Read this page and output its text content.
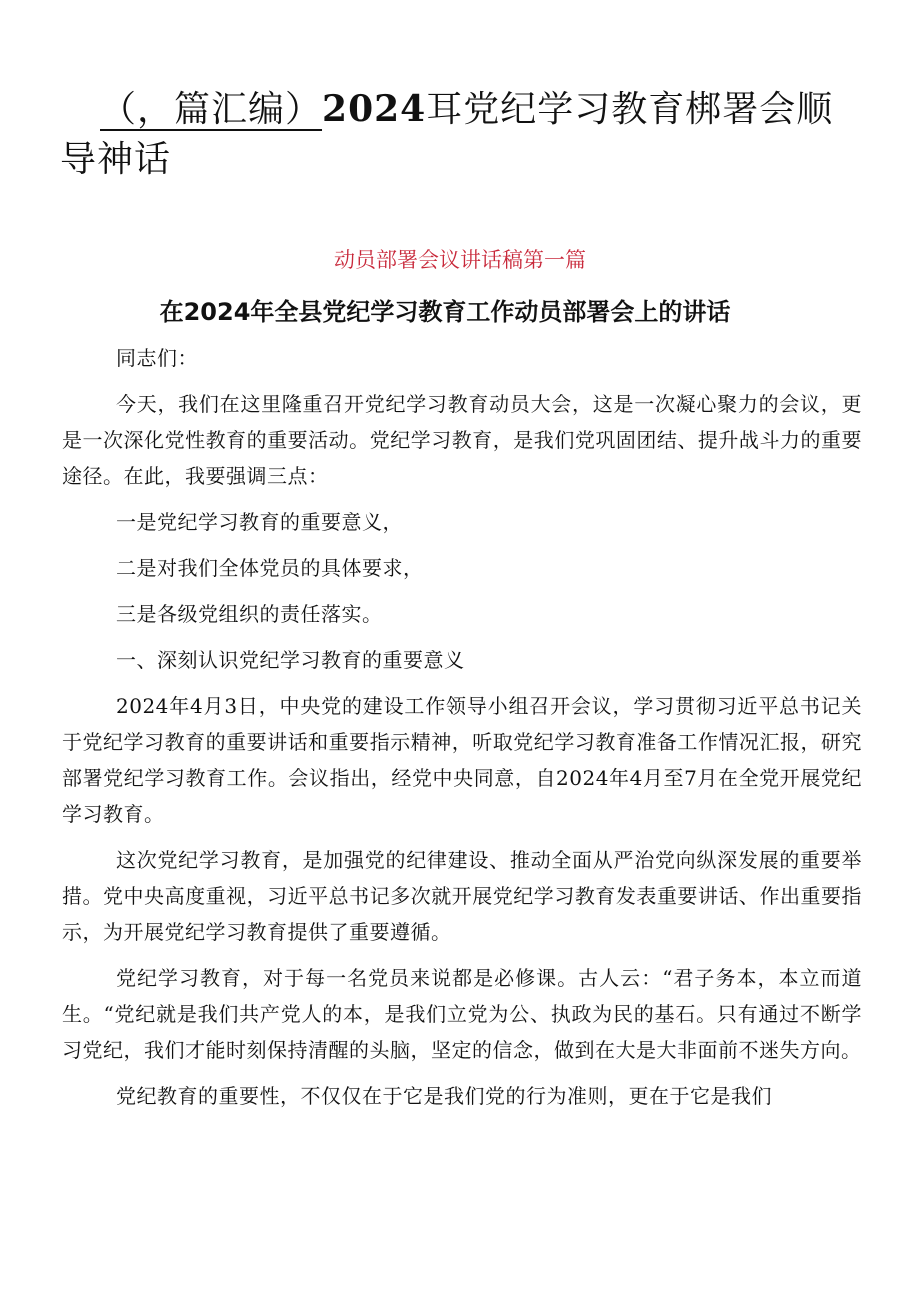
（，篇汇编）2024耳党纪学习教育梆署会顺导神话

动员部署会议讲话稿第一篇

在2024年全县党纪学习教育工作动员部署会上的讲话

同志们：

今天，我们在这里隆重召开党纪学习教育动员大会，这是一次凝心聚力的会议，更是一次深化党性教育的重要活动。党纪学习教育，是我们党巩固团结、提升战斗力的重要途径。在此，我要强调三点：

一是党纪学习教育的重要意义，

二是对我们全体党员的具体要求，

三是各级党组织的责任落实。

一、深刻认识党纪学习教育的重要意义

2024年4月3日，中央党的建设工作领导小组召开会议，学习贯彻习近平总书记关于党纪学习教育的重要讲话和重要指示精神，听取党纪学习教育准备工作情况汇报，研究部署党纪学习教育工作。会议指出，经党中央同意，自2024年4月至7月在全党开展党纪学习教育。

这次党纪学习教育，是加强党的纪律建设、推动全面从严治党向纵深发展的重要举措。党中央高度重视，习近平总书记多次就开展党纪学习教育发表重要讲话、作出重要指示，为开展党纪学习教育提供了重要遵循。

党纪学习教育，对于每一名党员来说都是必修课。古人云：“君子务本，本立而道生。“党纪就是我们共产党人的本，是我们立党为公、执政为民的基石。只有通过不断学习党纪，我们才能时刻保持清醒的头脑，坚定的信念，做到在大是大非面前不迷失方向。

党纪教育的重要性，不仅仅在于它是我们党的行为准则，更在于它是我们
